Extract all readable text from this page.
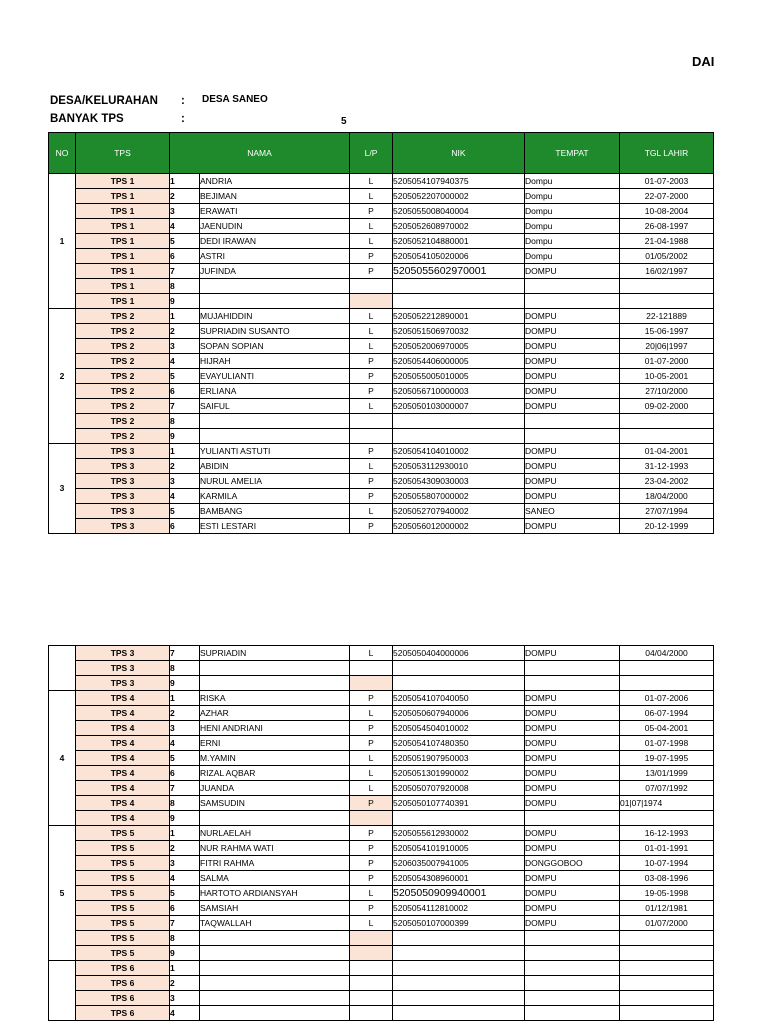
DAI
DESA/KELURAHAN : DESA SANEO
BANYAK TPS	:	5
NO	TPS	NAMA		L/P	NIK	TEMPAT	TGL LAHIR
1	TPS 1	1	ANDRIA	L	5205054107940375	Dompu	01-07-2003
	TPS 1	2	BEJIMAN	L	5205052207000002	Dompu	22-07-2000
	TPS 1	3	ERAWATI	P	5205055008040004	Dompu	10-08-2004
	TPS 1	4	JAENUDIN	L	5205052608970002	Dompu	26-08-1997
	TPS 1	5	DEDI IRAWAN	L	5205052104880001	Dompu	21-04-1988
	TPS 1	6	ASTRI	P	5205054105020006	Dompu	01/05/2002
	TPS 1	7	JUFINDA	P	5205055602970001	DOMPU	16/02/1997
	TPS 1	8					
	TPS 1	9					
2	TPS 2	1	MUJAHIDDIN	L	5205052212890001	DOMPU	22-121889
	TPS 2	2	SUPRIADIN SUSANTO	L	5205051506970032	DOMPU	15-06-1997
	TPS 2	3	SOPAN SOPIAN	L	5205052006970005	DOMPU	20|06|1997
	TPS 2	4	HIJRAH	P	5205054406000005	DOMPU	01-07-2000
	TPS 2	5	EVAYULIANTI	P	5205055005010005	DOMPU	10-05-2001
	TPS 2	6	ERLIANA	P	5205056710000003	DOMPU	27/10/2000
	TPS 2	7	SAIFUL	L	5205050103000007	DOMPU	09-02-2000
	TPS 2	8					
	TPS 2	9					
3	TPS 3	1	YULIANTI ASTUTI	P	5205054104010002	DOMPU	01-04-2001
	TPS 3	2	ABIDIN	L	5205053112930010	DOMPU	31-12-1993
	TPS 3	3	NURUL AMELIA	P	5205054309030003	DOMPU	23-04-2002
	TPS 3	4	KARMILA	P	5205055807000002	DOMPU	18/04/2000
	TPS 3	5	BAMBANG	L	5205052707940002	SANEO	27/07/1994
	TPS 3	6	ESTI LESTARI	P	5205056012000002	DOMPU	20-12-1999
	TPS 3	7	SUPRIADIN	L	5205050404000006	DOMPU	04/04/2000
	TPS 3	8					
	TPS 3	9					
4	TPS 4	1	RISKA	P	5205054107040050	DOMPU	01-07-2006
	TPS 4	2	AZHAR	L	5205050607940006	DOMPU	06-07-1994
	TPS 4	3	HENI ANDRIANI	P	5205054504010002	DOMPU	05-04-2001
	TPS 4	4	ERNI	P	5205054107480350	DOMPU	01-07-1998
	TPS 4	5	M.YAMIN	L	5205051907950003	DOMPU	19-07-1995
	TPS 4	6	RIZAL AQBAR	L	5205051301990002	DOMPU	13/01/1999
	TPS 4	7	JUANDA	L	5205050707920008	DOMPU	07/07/1992
	TPS 4	8	SAMSUDIN	P	5205050107740391	DOMPU	01|07|1974
	TPS 4	9					
5	TPS 5	1	NURLAELAH	P	5205055612930002	DOMPU	16-12-1993
	TPS 5	2	NUR RAHMA WATI	P	5205054101910005	DOMPU	01-01-1991
	TPS 5	3	FITRI RAHMA	P	5206035007941005	DONGGOBOO	10-07-1994
	TPS 5	4	SALMA	P	5205054308960001	DOMPU	03-08-1996
	TPS 5	5	HARTOTO ARDIANSYAH	L	5205050909940001	DOMPU	19-05-1998
	TPS 5	6	SAMSIAH	P	5205054112810002	DOMPU	01/12/1981
	TPS 5	7	TAQWALLAH	L	5205050107000399	DOMPU	01/07/2000
	TPS 5	8					
	TPS 5	9					
	TPS 6	1					
	TPS 6	2					
	TPS 6	3					
	TPS 6	4					
